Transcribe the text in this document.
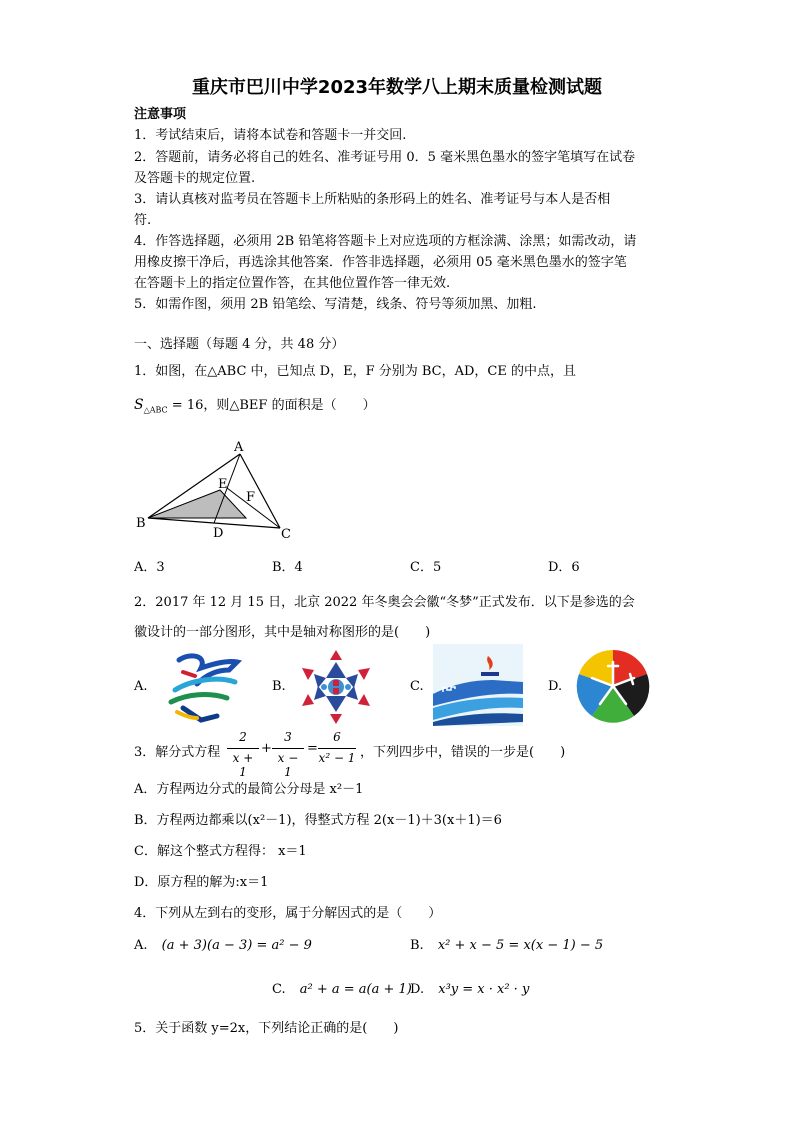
重庆市巴川中学2023年数学八上期末质量检测试题
注意事项
1．考试结束后，请将本试卷和答题卡一并交回.
2．答题前，请务必将自己的姓名、准考证号用 0．5 毫米黑色墨水的签字笔填写在试卷
及答题卡的规定位置.
3．请认真核对监考员在答题卡上所粘贴的条形码上的姓名、准考证号与本人是否相
符.
4．作答选择题，必须用 2B 铅笔将答题卡上对应选项的方框涂满、涂黑；如需改动，请
用橡皮擦干净后，再选涂其他答案．作答非选择题，必须用 05 毫米黑色墨水的签字笔
在答题卡上的指定位置作答，在其他位置作答一律无效.
5．如需作图，须用 2B 铅笔绘、写清楚，线条、符号等须加黑、加粗.
一、选择题（每题 4 分，共 48 分）
1．如图，在△ABC 中，已知点 D，E，F 分别为 BC，AD，CE 的中点，且
$S_{\triangle ABC} = 16$，则△BEF 的面积是（　　）
A
B
C
D
E
F
A．3	B．4	C．5	D．6
2．2017 年 12 月 15 日，北京 2022 年冬奥会会徽“冬梦”正式发布．以下是参选的会
徽设计的一部分图形，其中是轴对称图形的是(　　)
A.	B.	C.	D.
3．解分式方程
2
x + 1
+
3
x − 1
=
6
x² − 1 ，下列四步中，错误的一步是(　　)
A．方程两边分式的最简公分母是 x²－1
B．方程两边都乘以(x²－1)，得整式方程 2(x－1)＋3(x＋1)＝6
C．解这个整式方程得： x＝1
D．原方程的解为:x＝1
4．下列从左到右的变形，属于分解因式的是（　　）
A. (a + 3)(a − 3) = a² − 9	B. x² + x − 5 = x(x − 1) − 5
C. a² + a = a(a + 1)
D. x³y = x · x² · y
5．关于函数 y=2x，下列结论正确的是(　　)
